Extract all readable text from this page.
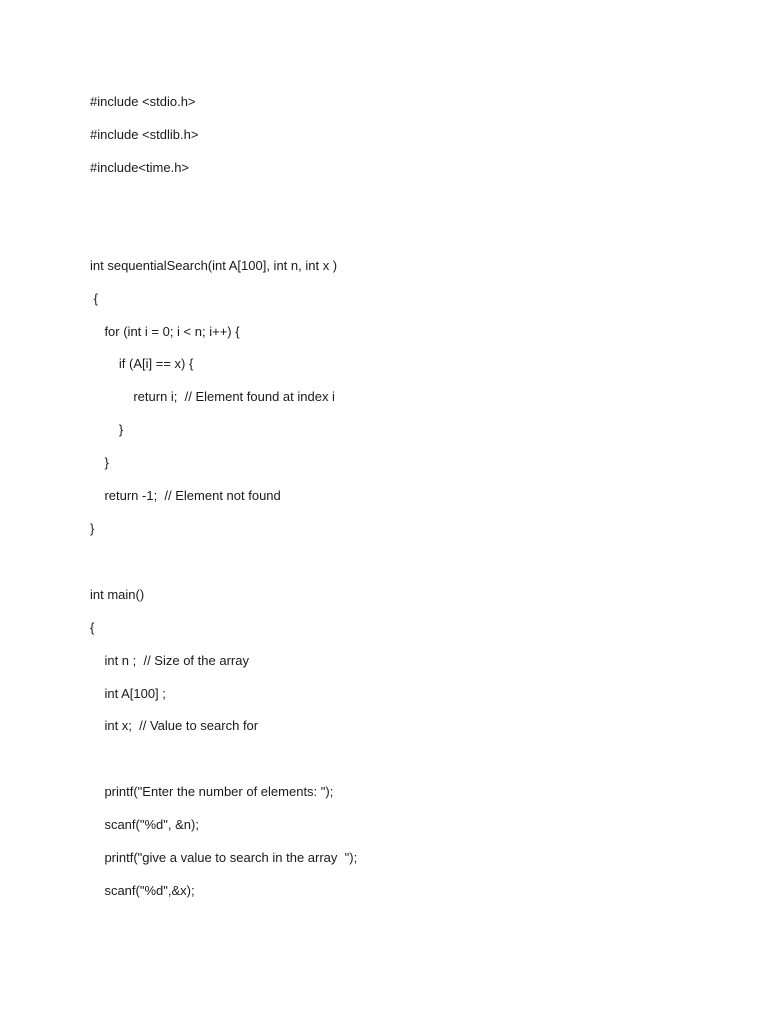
#include <stdio.h>
#include <stdlib.h>
#include<time.h>
int sequentialSearch(int A[100], int n, int x )
{
for (int i = 0; i < n; i++) {
if (A[i] == x) {
return i;  // Element found at index i
}
}
return -1;  // Element not found
}
int main()
{
int n ;  // Size of the array
int A[100] ;
int x;  // Value to search for
printf("Enter the number of elements: ");
scanf("%d", &n);
printf("give a value to search in the array  ");
scanf("%d",&x);
